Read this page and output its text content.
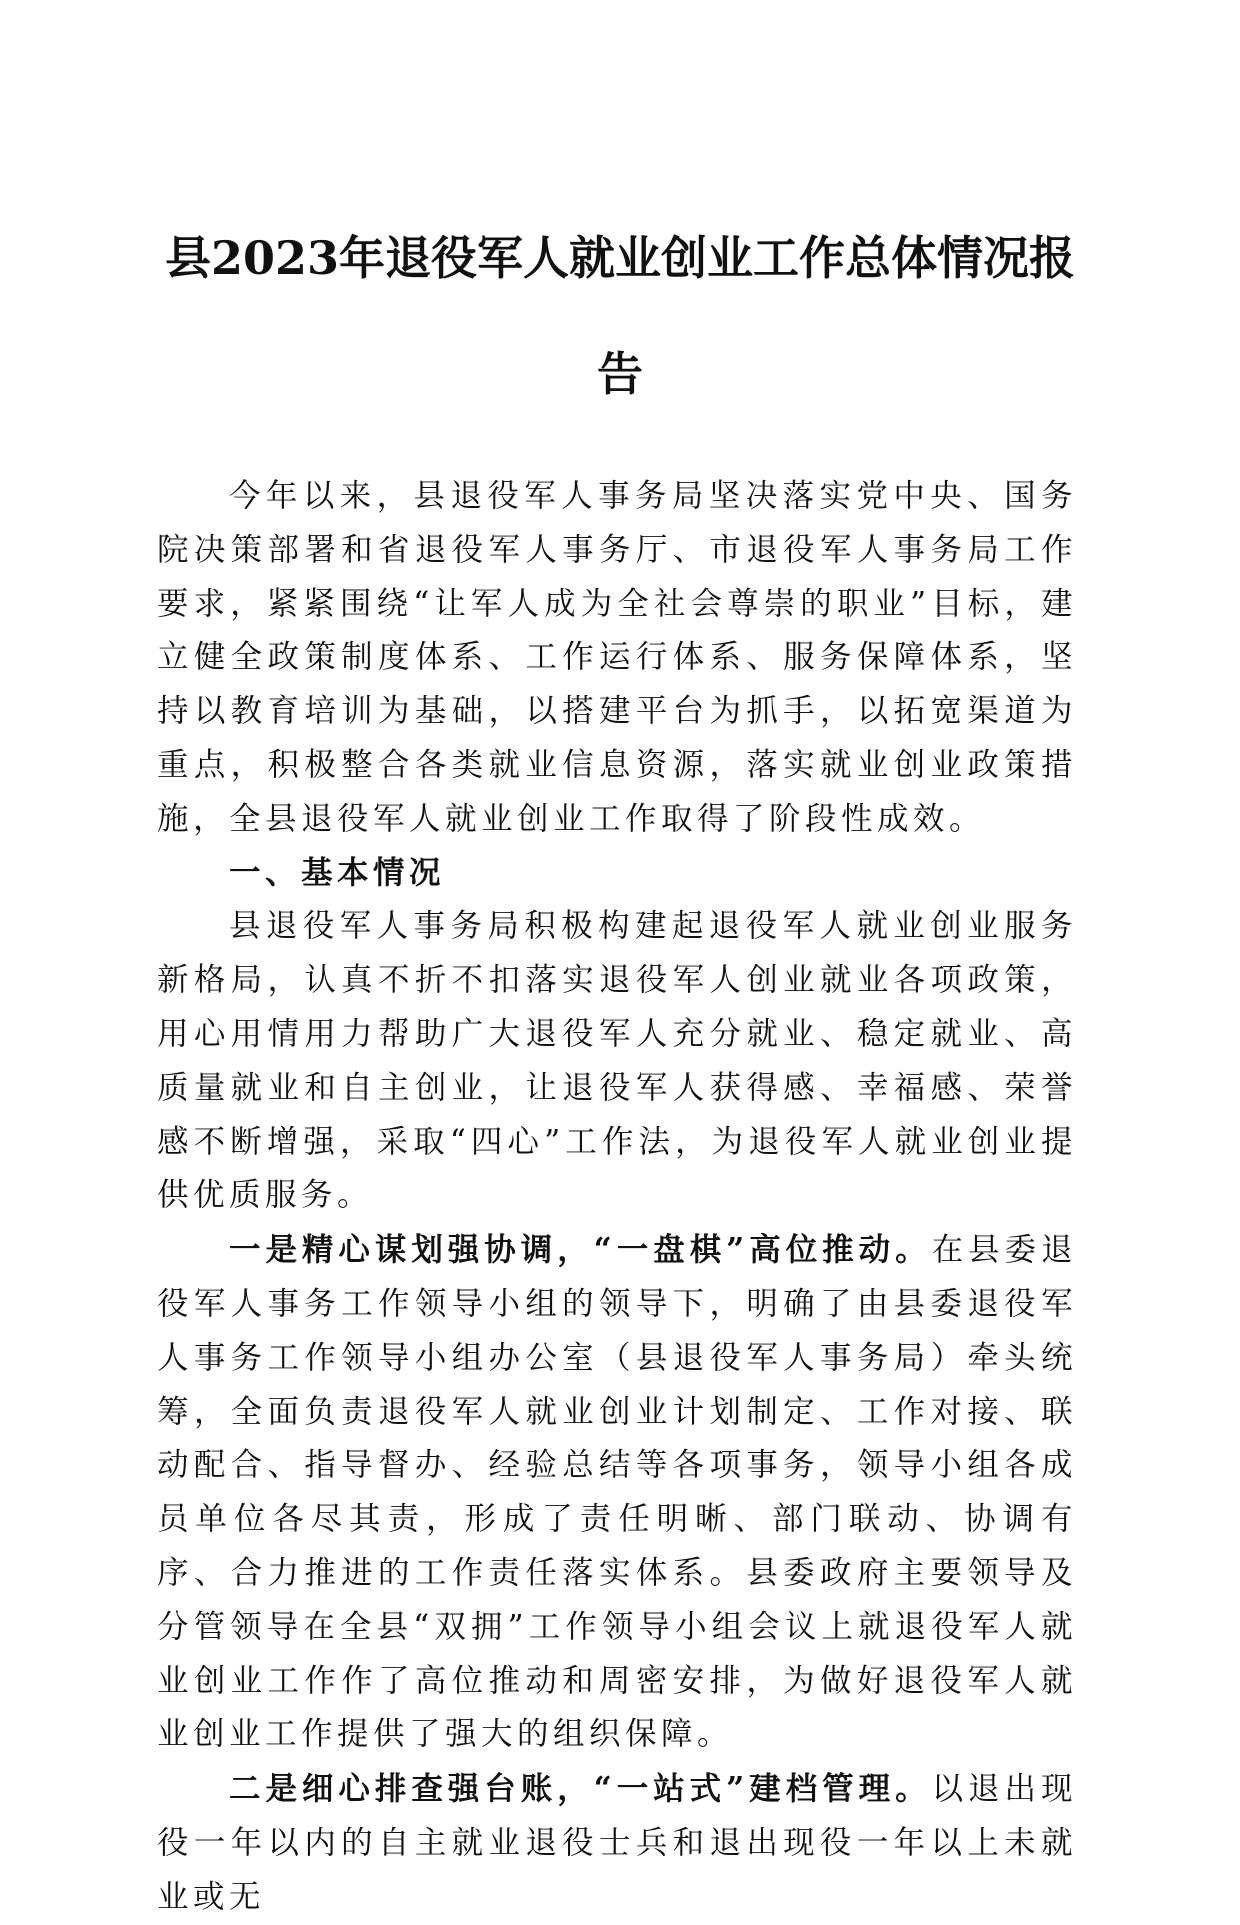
县2023年退役军人就业创业工作总体情况报
告

今年以来，县退役军人事务局坚决落实党中央、国务院决策部署和省退役军人事务厅、市退役军人事务局工作要求，紧紧围绕“让军人成为全社会尊崇的职业”目标，建立健全政策制度体系、工作运行体系、服务保障体系，坚持以教育培训为基础，以搭建平台为抓手，以拓宽渠道为重点，积极整合各类就业信息资源，落实就业创业政策措施，全县退役军人就业创业工作取得了阶段性成效。

一、基本情况

县退役军人事务局积极构建起退役军人就业创业服务新格局，认真不折不扣落实退役军人创业就业各项政策，用心用情用力帮助广大退役军人充分就业、稳定就业、高质量就业和自主创业，让退役军人获得感、幸福感、荣誉感不断增强，采取“四心”工作法，为退役军人就业创业提供优质服务。

一是精心谋划强协调，“一盘棋”高位推动。在县委退役军人事务工作领导小组的领导下，明确了由县委退役军人事务工作领导小组办公室（县退役军人事务局）牵头统筹，全面负责退役军人就业创业计划制定、工作对接、联动配合、指导督办、经验总结等各项事务，领导小组各成员单位各尽其责，形成了责任明晰、部门联动、协调有序、合力推进的工作责任落实体系。县委政府主要领导及分管领导在全县“双拥”工作领导小组会议上就退役军人就业创业工作作了高位推动和周密安排，为做好退役军人就业创业工作提供了强大的组织保障。

二是细心排查强台账，“一站式”建档管理。以退出现役一年以内的自主就业退役士兵和退出现役一年以上未就业或无
